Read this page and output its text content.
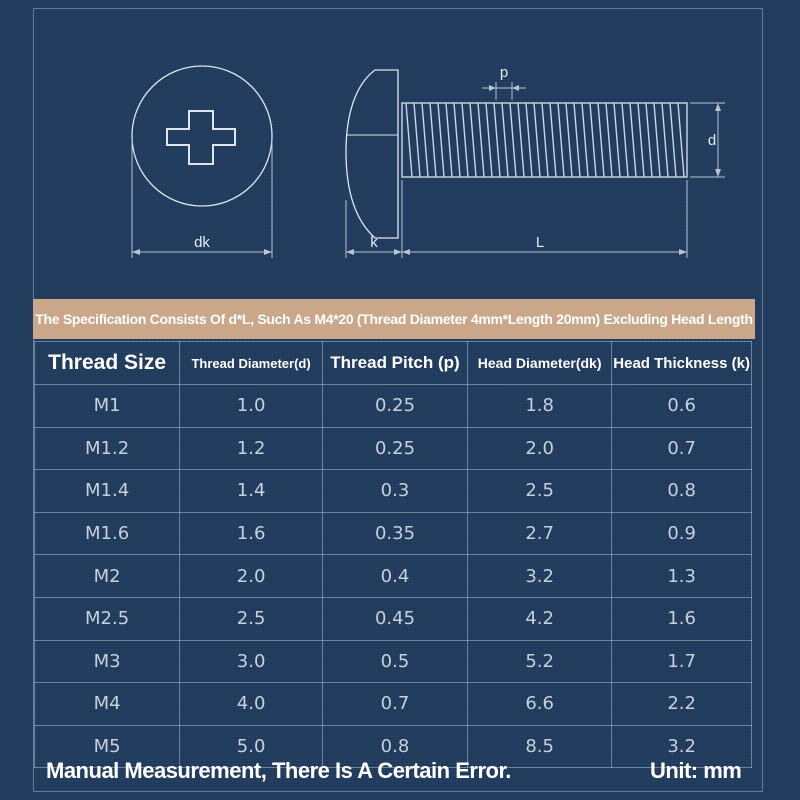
dk	k	L
p
d
The Specification Consists Of d*L, Such As M4*20 (Thread Diameter 4mm*Length 20mm) Excluding Head Length
Thread Size	Thread Diameter(d)	Thread Pitch (p)	Head Diameter(dk)	Head Thickness (k)
M1	1.0	0.25	1.8	0.6
M1.2	1.2	0.25	2.0	0.7
M1.4	1.4	0.3	2.5	0.8
M1.6	1.6	0.35	2.7	0.9
M2	2.0	0.4	3.2	1.3
M2.5	2.5	0.45	4.2	1.6
M3	3.0	0.5	5.2	1.7
M4	4.0	0.7	6.6	2.2
M5	5.0	0.8	8.5	3.2
Manual Measurement, There Is A Certain Error.	Unit: mm
